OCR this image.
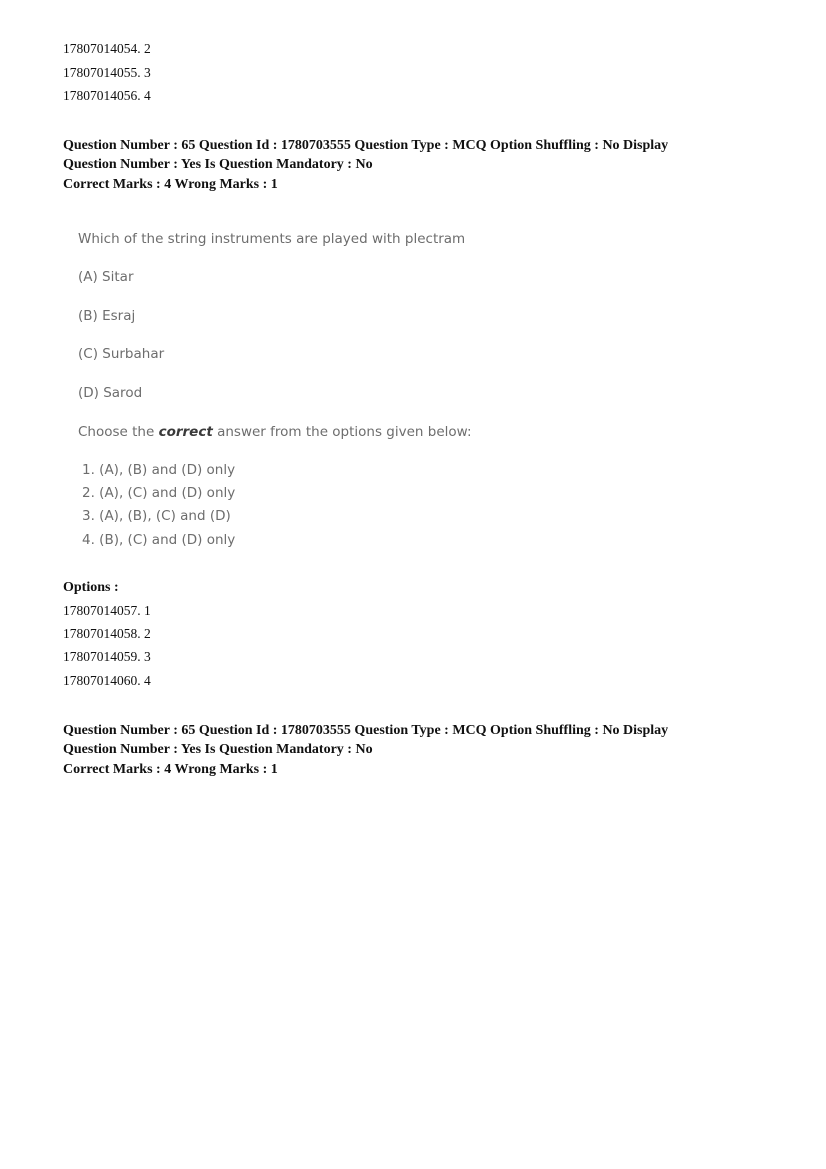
17807014054. 2
17807014055. 3
17807014056. 4
Question Number : 65 Question Id : 1780703555 Question Type : MCQ Option Shuffling : No Display
Question Number : Yes Is Question Mandatory : No
Correct Marks : 4 Wrong Marks : 1
Which of the string instruments are played with plectram
(A) Sitar
(B) Esraj
(C) Surbahar
(D) Sarod
Choose the correct answer from the options given below:
1. (A), (B) and (D) only
2. (A), (C) and (D) only
3. (A), (B), (C) and (D)
4. (B), (C) and (D) only
Options :
17807014057. 1
17807014058. 2
17807014059. 3
17807014060. 4
Question Number : 65 Question Id : 1780703555 Question Type : MCQ Option Shuffling : No Display
Question Number : Yes Is Question Mandatory : No
Correct Marks : 4 Wrong Marks : 1
